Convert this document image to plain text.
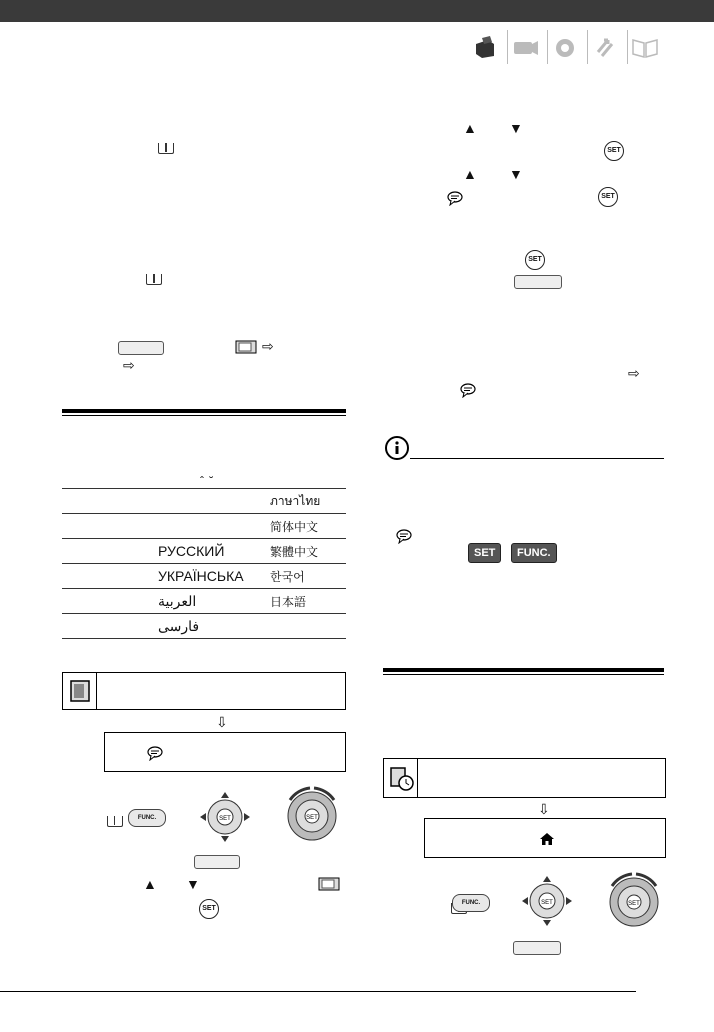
⇨
⇨
ˆ ˘
		ภาษาไทย
		简体中文
	РУССКИЙ	繁體中文
	УКРАЇНСЬКА	한국어
	العربية	日本語
	فارسی	
⇩

FUNC.	SET	SET
▲ ▼
SET
▲ ▼
SET
▲ ▼
SET
SET
⇨
SET	FUNC.
⇩
FUNC.	SET	SET
